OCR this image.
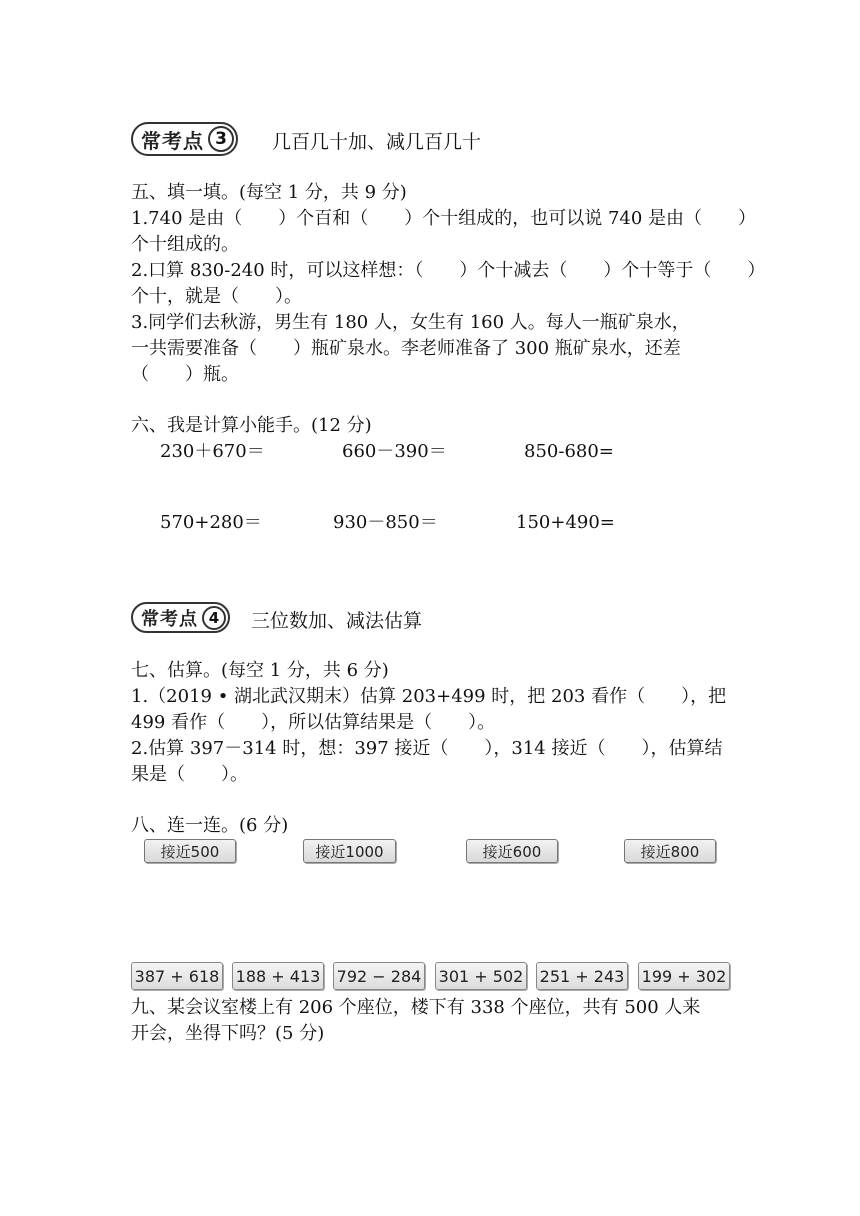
常考点 3	几百几十加、减几百几十
五、填一填。(每空 1 分，共 9 分)
1.740 是由（　　）个百和（　　）个十组成的，也可以说 740 是由（　　）
个十组成的。
2.口算 830-240 时，可以这样想：（　　）个十减去（　　）个十等于（　　）
个十，就是（　　）。
3.同学们去秋游，男生有 180 人，女生有 160 人。每人一瓶矿泉水，
一共需要准备（　　）瓶矿泉水。李老师准备了 300 瓶矿泉水，还差
（　　）瓶。
六、我是计算小能手。(12 分)
230＋670＝	660－390＝	850-680=
570+280＝	930－850＝	150+490=
常考点 4	三位数加、减法估算
七、估算。(每空 1 分，共 6 分)
1.（2019 • 湖北武汉期末）估算 203+499 时，把 203 看作（　　），把
499 看作（　　），所以估算结果是（　　）。
2.估算 397－314 时，想：397 接近（　　），314 接近（　　），估算结
果是（　　）。
八、连一连。(6 分)
接近500	接近1000	接近600	接近800
387 + 618 188 + 413 792 − 284 301 + 502 251 + 243 199 + 302
九、某会议室楼上有 206 个座位，楼下有 338 个座位，共有 500 人来
开会，坐得下吗？(5 分)
